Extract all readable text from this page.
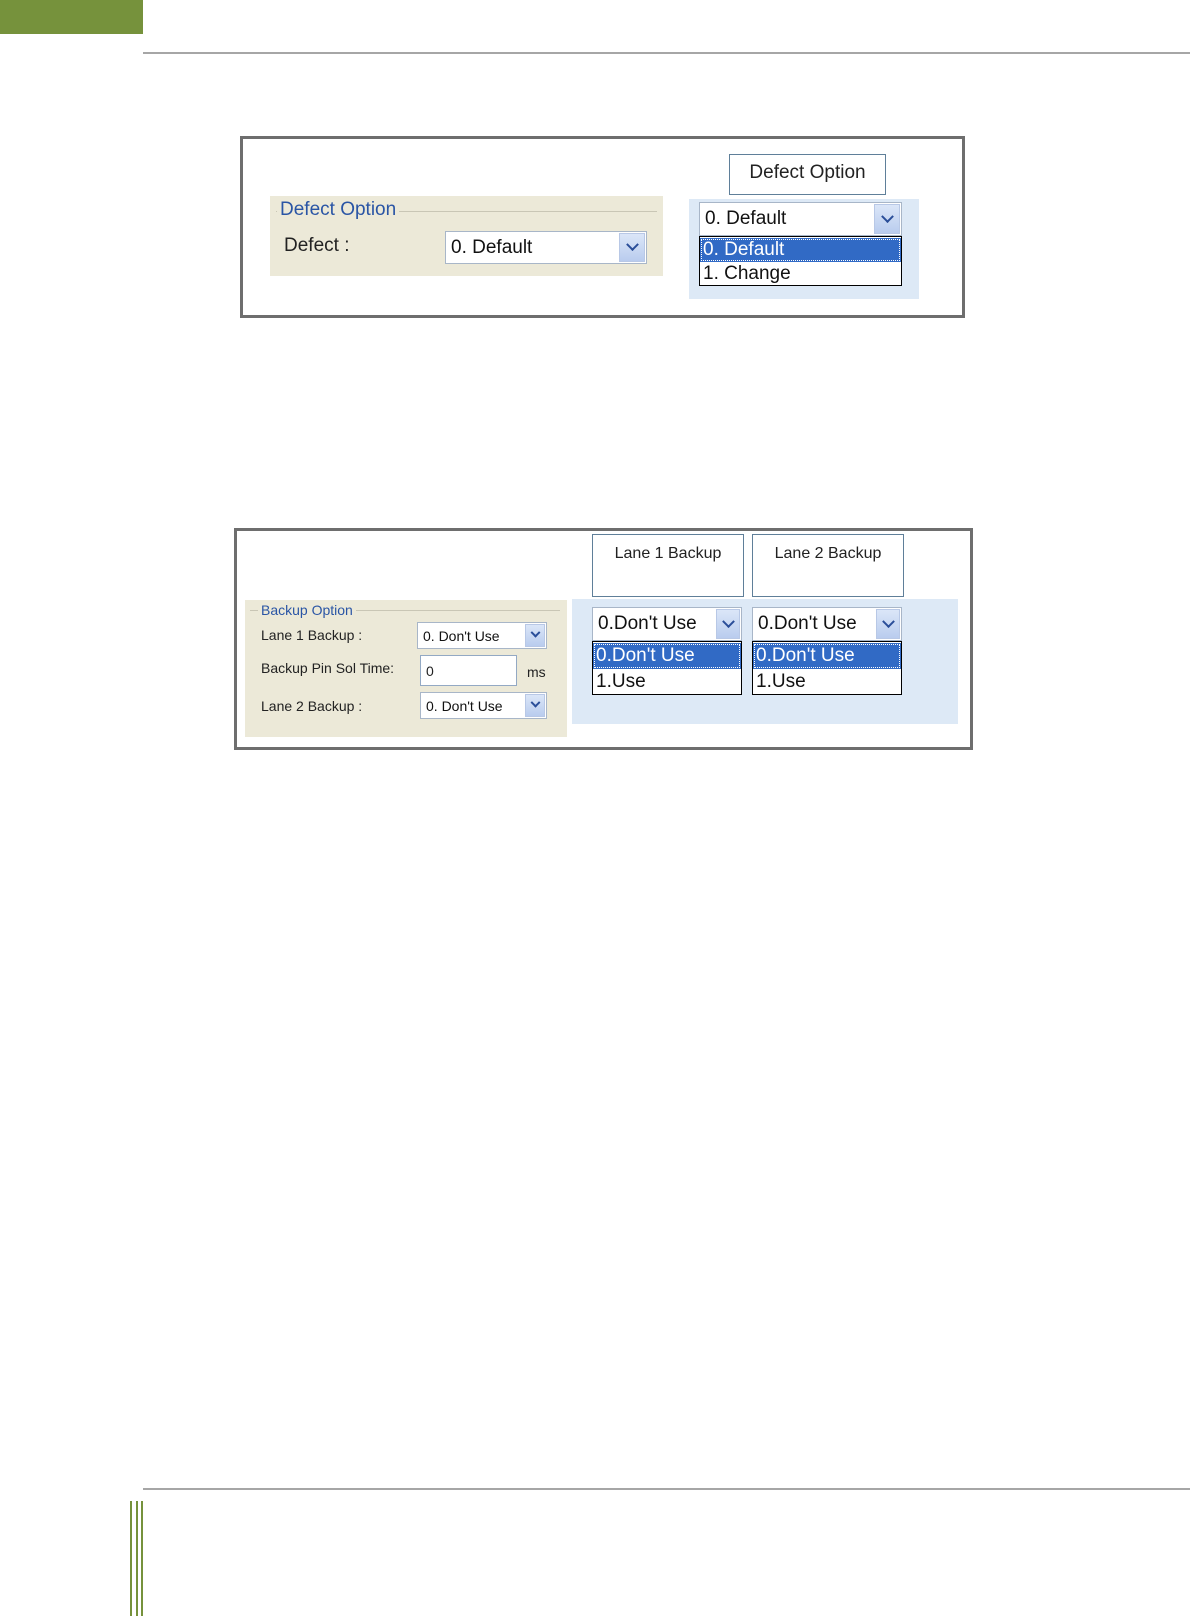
Defect Option
Defect :	0. Default
Defect Option
0. Default
0. Default
1. Change
Backup Option
Lane 1 Backup :	0. Don't Use
Backup Pin Sol Time: 0	ms
Lane 2 Backup :	0. Don't Use
Lane 1 Backup	Lane 2 Backup
0.Don't Use
0.Don't Use
1.Use
0.Don't Use
0.Don't Use
1.Use
